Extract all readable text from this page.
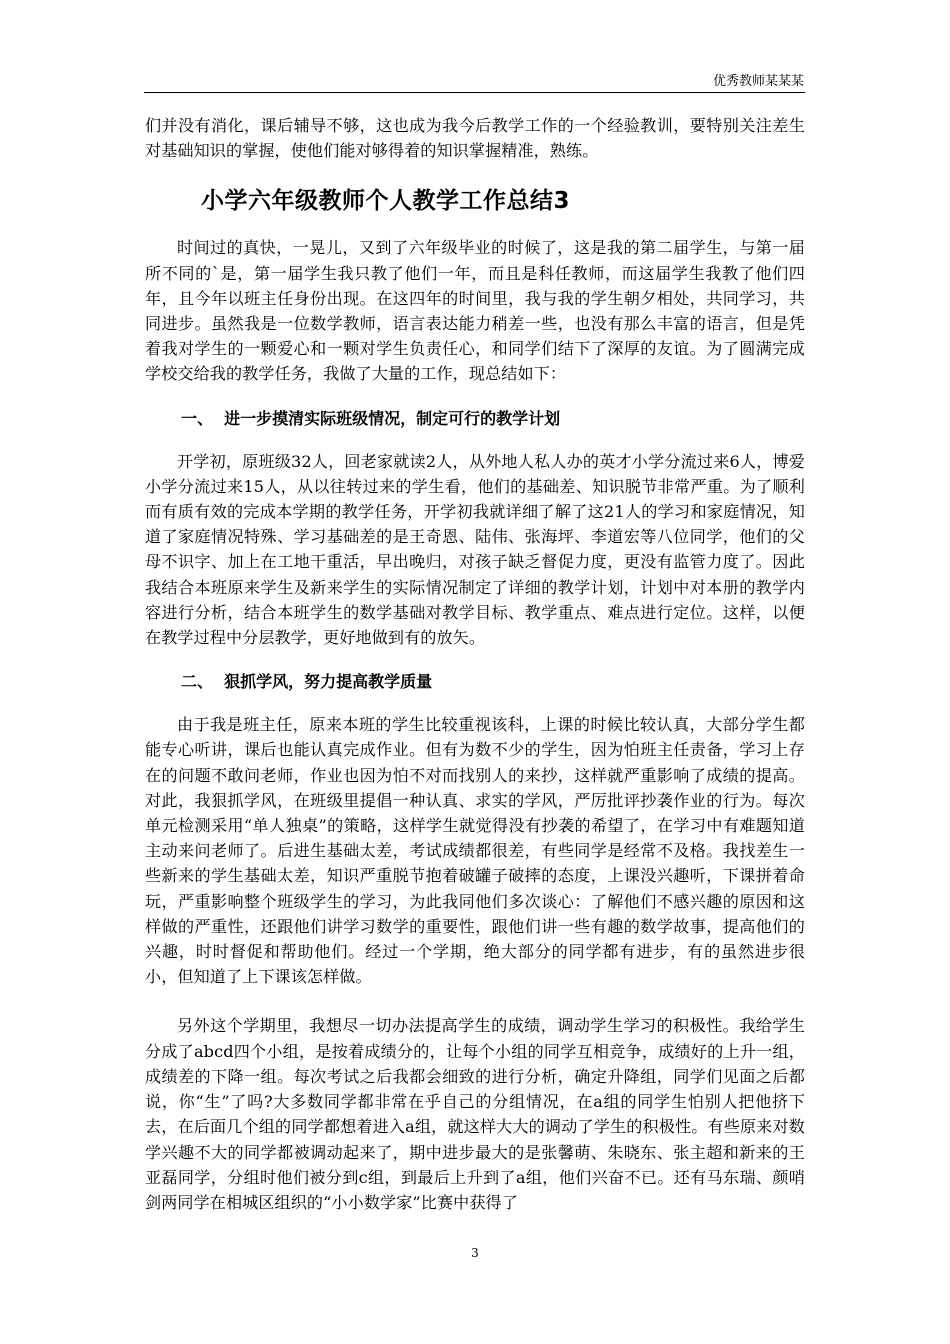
优秀教师某某某

们并没有消化，课后辅导不够，这也成为我今后教学工作的一个经验教训，要特别关注差生对基础知识的掌握，使他们能对够得着的知识掌握精准，熟练。

小学六年级教师个人教学工作总结3

时间过的真快，一晃儿，又到了六年级毕业的时候了，这是我的第二届学生，与第一届所不同的`是，第一届学生我只教了他们一年，而且是科任教师，而这届学生我教了他们四年，且今年以班主任身份出现。在这四年的时间里，我与我的学生朝夕相处，共同学习，共同进步。虽然我是一位数学教师，语言表达能力稍差一些，也没有那么丰富的语言，但是凭着我对学生的一颗爱心和一颗对学生负责任心，和同学们结下了深厚的友谊。为了圆满完成学校交给我的教学任务，我做了大量的工作，现总结如下：

一、 进一步摸清实际班级情况，制定可行的教学计划

开学初，原班级32人，回老家就读2人，从外地人私人办的英才小学分流过来6人，博爱小学分流过来15人，从以往转过来的学生看，他们的基础差、知识脱节非常严重。为了顺利而有质有效的完成本学期的教学任务，开学初我就详细了解了这21人的学习和家庭情况，知道了家庭情况特殊、学习基础差的是王奇恩、陆伟、张海坪、李道宏等八位同学，他们的父母不识字、加上在工地干重活，早出晚归，对孩子缺乏督促力度，更没有监管力度了。因此我结合本班原来学生及新来学生的实际情况制定了详细的教学计划，计划中对本册的教学内容进行分析，结合本班学生的数学基础对教学目标、教学重点、难点进行定位。这样，以便在教学过程中分层教学，更好地做到有的放矢。

二、 狠抓学风，努力提高教学质量

由于我是班主任，原来本班的学生比较重视该科，上课的时候比较认真，大部分学生都能专心听讲，课后也能认真完成作业。但有为数不少的学生，因为怕班主任责备，学习上存在的问题不敢问老师，作业也因为怕不对而找别人的来抄，这样就严重影响了成绩的提高。对此，我狠抓学风，在班级里提倡一种认真、求实的学风，严厉批评抄袭作业的行为。每次单元检测采用“单人独桌”的策略，这样学生就觉得没有抄袭的希望了，在学习中有难题知道主动来问老师了。后进生基础太差，考试成绩都很差，有些同学是经常不及格。我找差生一些新来的学生基础太差，知识严重脱节抱着破罐子破摔的态度，上课没兴趣听，下课拼着命玩，严重影响整个班级学生的学习，为此我同他们多次谈心：了解他们不感兴趣的原因和这样做的严重性，还跟他们讲学习数学的重要性，跟他们讲一些有趣的数学故事，提高他们的兴趣，时时督促和帮助他们。经过一个学期，绝大部分的同学都有进步，有的虽然进步很小，但知道了上下课该怎样做。

另外这个学期里，我想尽一切办法提高学生的成绩，调动学生学习的积极性。我给学生分成了abcd四个小组，是按着成绩分的，让每个小组的同学互相竞争，成绩好的上升一组，成绩差的下降一组。每次考试之后我都会细致的进行分析，确定升降组，同学们见面之后都说，你“生”了吗?大多数同学都非常在乎自己的分组情况，在a组的同学生怕别人把他挤下去，在后面几个组的同学都想着进入a组，就这样大大的调动了学生的积极性。有些原来对数学兴趣不大的同学都被调动起来了，期中进步最大的是张馨萌、朱晓东、张主超和新来的王亚磊同学，分组时他们被分到c组，到最后上升到了a组，他们兴奋不已。还有马东瑞、颜哨剑两同学在相城区组织的“小小数学家”比赛中获得了

3
